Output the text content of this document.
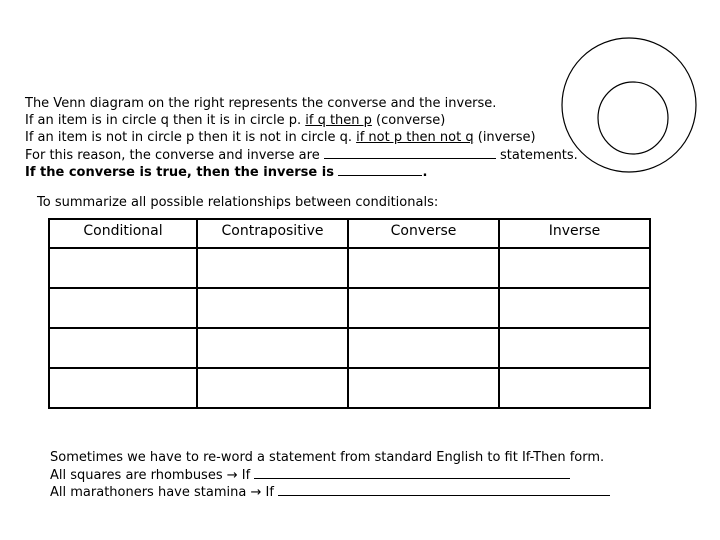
The Venn diagram on the right represents the converse and the inverse.
If an item is in circle q then it is in circle p. if q then p (converse)
If an item is not in circle p then it is not in circle q. if not p then not q (inverse)
For this reason, the converse and inverse are	statements.
If the converse is true, then the inverse is	.
To summarize all possible relationships between conditionals:
Conditional	Contrapositive	Converse	Inverse

Sometimes we have to re-word a statement from standard English to fit If-Then form.
All squares are rhombuses → If
All marathoners have stamina → If
